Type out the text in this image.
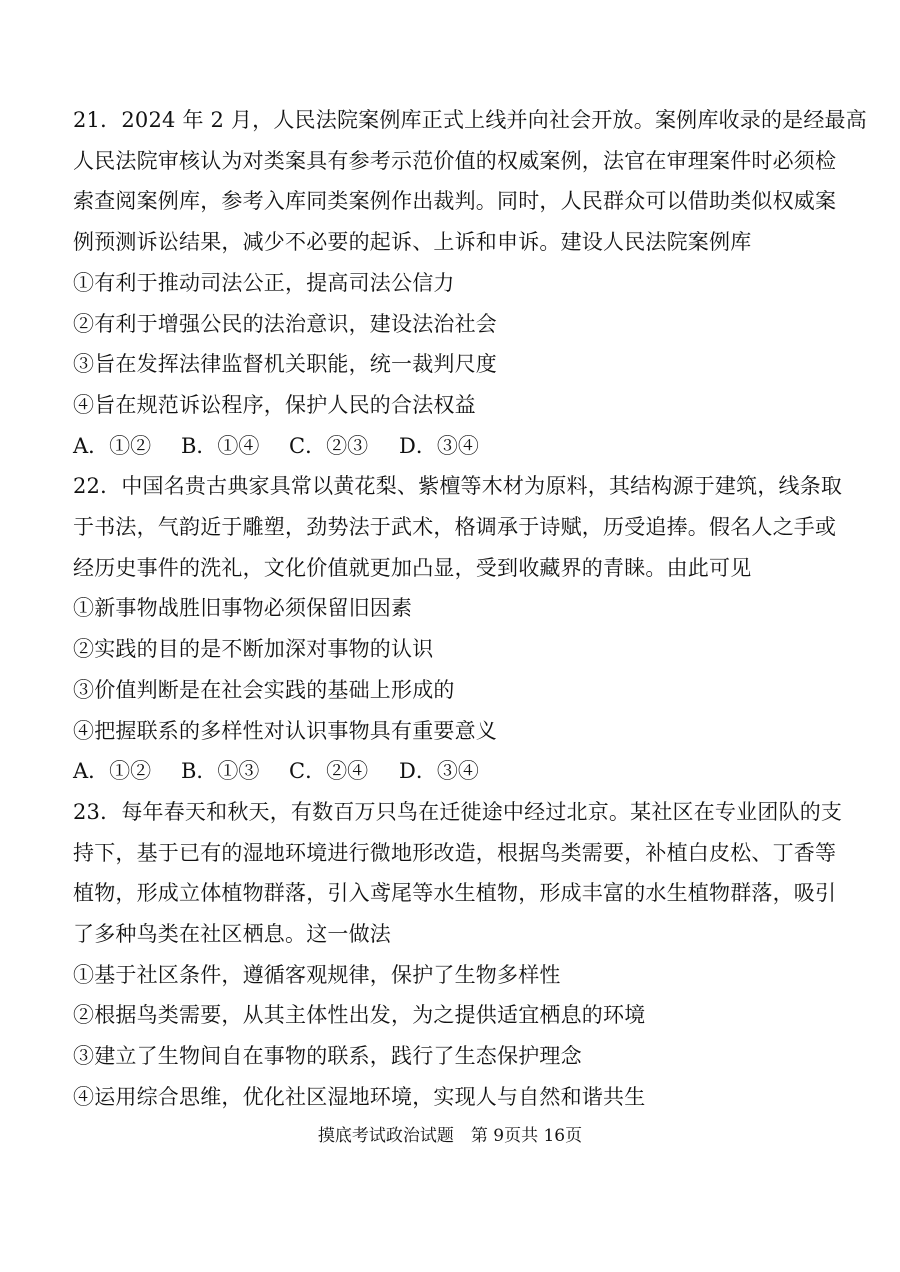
21．2024 年 2 月，人民法院案例库正式上线并向社会开放。案例库收录的是经最高
人民法院审核认为对类案具有参考示范价值的权威案例，法官在审理案件时必须检
索查阅案例库，参考入库同类案例作出裁判。同时，人民群众可以借助类似权威案
例预测诉讼结果，减少不必要的起诉、上诉和申诉。建设人民法院案例库
①有利于推动司法公正，提高司法公信力
②有利于增强公民的法治意识，建设法治社会
③旨在发挥法律监督机关职能，统一裁判尺度
④旨在规范诉讼程序，保护人民的合法权益
A．①②	B．①④	C．②③	D．③④
22．中国名贵古典家具常以黄花梨、紫檀等木材为原料，其结构源于建筑，线条取
于书法，气韵近于雕塑，劲势法于武术，格调承于诗赋，历受追捧。假名人之手或
经历史事件的洗礼，文化价值就更加凸显，受到收藏界的青睐。由此可见
①新事物战胜旧事物必须保留旧因素
②实践的目的是不断加深对事物的认识
③价值判断是在社会实践的基础上形成的
④把握联系的多样性对认识事物具有重要意义
A．①②	B．①③	C．②④	D．③④
23．每年春天和秋天，有数百万只鸟在迁徙途中经过北京。某社区在专业团队的支
持下，基于已有的湿地环境进行微地形改造，根据鸟类需要，补植白皮松、丁香等
植物，形成立体植物群落，引入鸢尾等水生植物，形成丰富的水生植物群落，吸引
了多种鸟类在社区栖息。这一做法
①基于社区条件，遵循客观规律，保护了生物多样性
②根据鸟类需要，从其主体性出发，为之提供适宜栖息的环境
③建立了生物间自在事物的联系，践行了生态保护理念
④运用综合思维，优化社区湿地环境，实现人与自然和谐共生
摸底考试政治试题　第 9页共 16页
